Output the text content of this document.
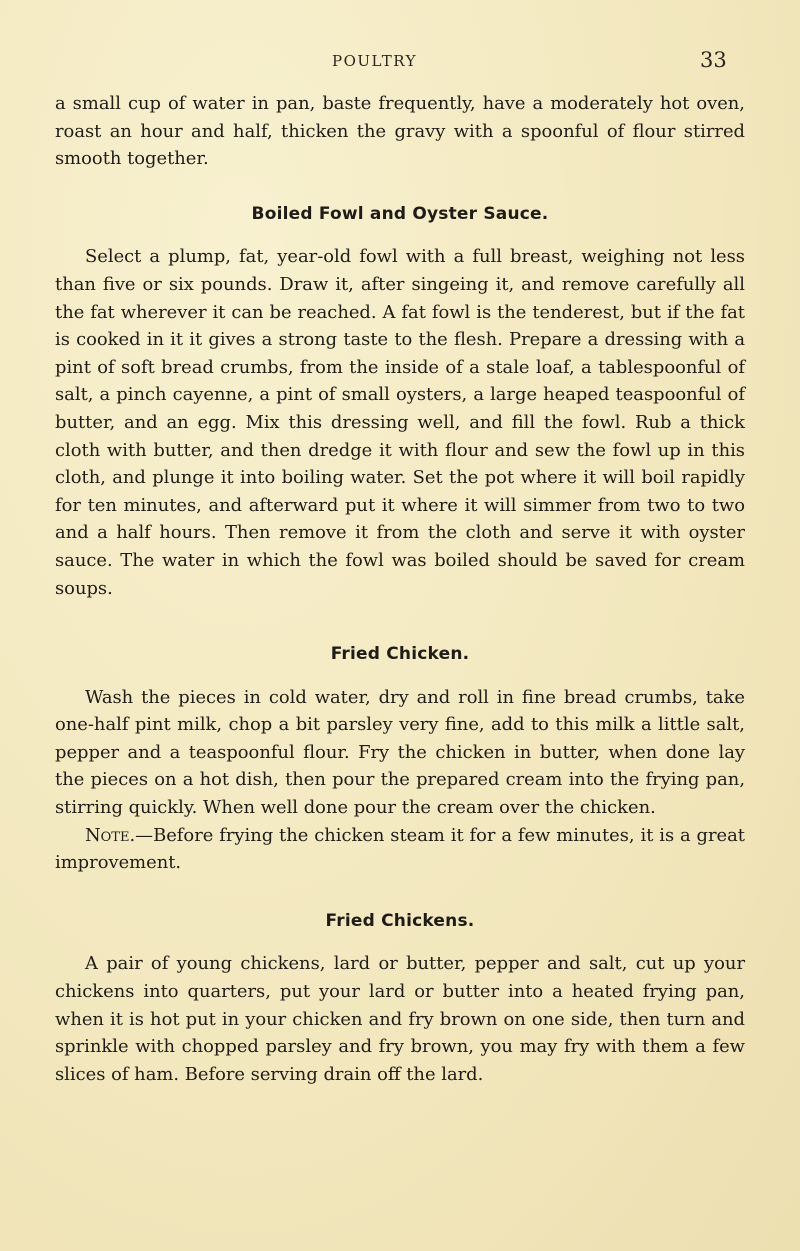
POULTRY	33

a small cup of water in pan, baste frequently, have a moderately hot oven, roast an hour and half, thicken the gravy with a spoonful of flour stirred smooth together.

Boiled Fowl and Oyster Sauce.

Select a plump, fat, year-old fowl with a full breast, weighing not less than five or six pounds. Draw it, after singeing it, and remove carefully all the fat wherever it can be reached. A fat fowl is the tenderest, but if the fat is cooked in it it gives a strong taste to the flesh. Prepare a dressing with a pint of soft bread crumbs, from the inside of a stale loaf, a tablespoonful of salt, a pinch cayenne, a pint of small oysters, a large heaped teaspoonful of butter, and an egg. Mix this dressing well, and fill the fowl. Rub a thick cloth with butter, and then dredge it with flour and sew the fowl up in this cloth, and plunge it into boiling water. Set the pot where it will boil rapidly for ten minutes, and afterward put it where it will simmer from two to two and a half hours. Then remove it from the cloth and serve it with oyster sauce. The water in which the fowl was boiled should be saved for cream soups.

Fried Chicken.

Wash the pieces in cold water, dry and roll in fine bread crumbs, take one-half pint milk, chop a bit parsley very fine, add to this milk a little salt, pepper and a teaspoonful flour. Fry the chicken in butter, when done lay the pieces on a hot dish, then pour the prepared cream into the frying pan, stirring quickly. When well done pour the cream over the chicken.

Note.—Before frying the chicken steam it for a few minutes, it is a great improvement.

Fried Chickens.

A pair of young chickens, lard or butter, pepper and salt, cut up your chickens into quarters, put your lard or butter into a heated frying pan, when it is hot put in your chicken and fry brown on one side, then turn and sprinkle with chopped parsley and fry brown, you may fry with them a few slices of ham. Before serving drain off the lard.
